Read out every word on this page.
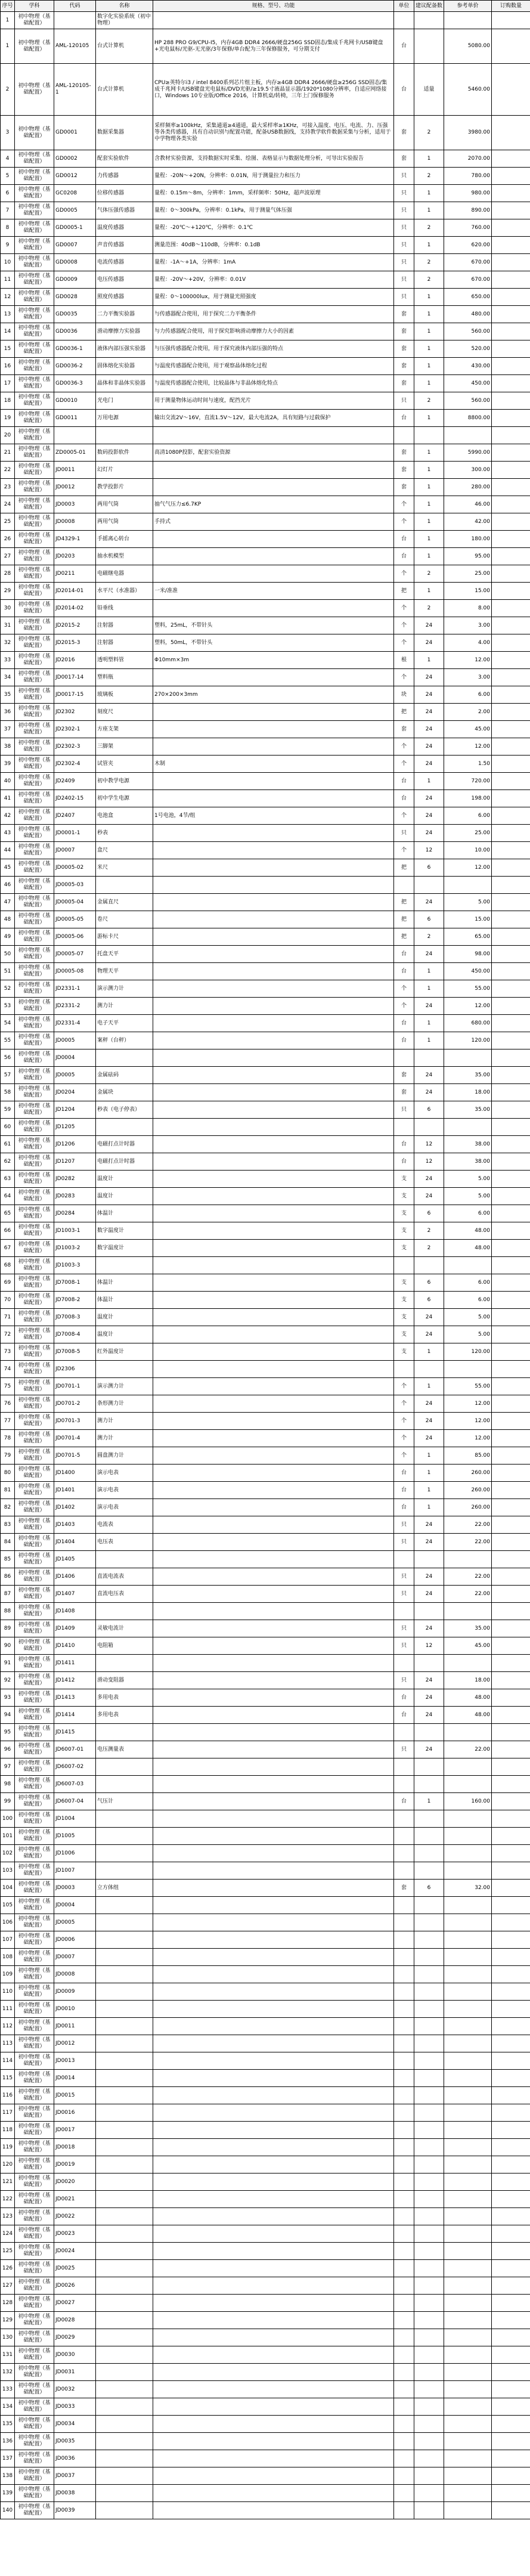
序号	学科	代码	名称	规格、型号、功能	单位	建议配备数	参考单价	订购数量
1	初中物理（基础配置）		数字化实验系统（初中物理）					
1	初中物理（基础配置）	AML-120105	台式计算机	HP 288 PRO G9/CPU-I5，内存4GB DDR4 2666/硬盘256G SSD固态/集成千兆网卡/USB键盘+光电鼠标/光驱-无光驱/3年保修/单台配为三年保修服务，可分期支付	台		5080.00	
2	初中物理（基础配置）	AML-120105-1	台式计算机	CPU≥英特尔i3 / intel 8400系列芯片组主板，内存≥4GB DDR4 2666/硬盘≥256G SSD固态/集成千兆网卡/USB键盘光电鼠标/DVD光驱/≥19.5寸液晶显示器/1920*1080分辨率，自适应网络接口，Windows 10专业版/Office 2016，计算机桌/转椅，三年上门保修服务	台	适量	5460.00	
3	初中物理（基础配置）	GD0001	数据采集器	采样频率≥100kHz，采集通道≥4通道，最大采样率≥1KHz，可接入温度、电压、电流、力、压强等各类传感器，具有自动识别与配置功能，配备USB数据线，支持教学软件数据采集与分析，适用于中学物理各类实验	套	2	3980.00	
4	初中物理（基础配置）	GD0002	配套实验软件	含教材实验资源，支持数据实时采集、绘图、表格显示与数据处理分析，可导出实验报告	套	1	2070.00	
5	初中物理（基础配置）	GD0012	力传感器	量程：-20N～+20N，分辨率：0.01N，用于测量拉力和压力	只	2	780.00	
6	初中物理（基础配置）	GC0208	位移传感器	量程：0.15m～8m，分辨率：1mm，采样频率：50Hz，超声波原理	只	1	980.00	
7	初中物理（基础配置）	GD0005	气体压强传感器	量程：0～300kPa，分辨率：0.1kPa，用于测量气体压强	只	1	890.00	
8	初中物理（基础配置）	GD0005-1	温度传感器	量程：-20℃～+120℃，分辨率：0.1℃	只	2	760.00	
9	初中物理（基础配置）	GD0007	声音传感器	测量范围：40dB～110dB，分辨率：0.1dB	只	1	620.00	
10	初中物理（基础配置）	GD0008	电流传感器	量程：-1A～+1A，分辨率：1mA	只	2	670.00	
11	初中物理（基础配置）	GD0009	电压传感器	量程：-20V～+20V，分辨率：0.01V	只	2	670.00	
12	初中物理（基础配置）	GD0028	照度传感器	量程：0～100000lux，用于测量光照强度	只	1	650.00	
13	初中物理（基础配置）	GD0035	二力平衡实验器	与传感器配合使用，用于探究二力平衡条件	套	1	480.00	
14	初中物理（基础配置）	GD0036	滑动摩擦力实验器	与力传感器配合使用，用于探究影响滑动摩擦力大小的因素	套	1	560.00	
15	初中物理（基础配置）	GD0036-1	液体内部压强实验器	与压强传感器配合使用，用于探究液体内部压强的特点	套	1	520.00	
16	初中物理（基础配置）	GD0036-2	固体熔化实验器	与温度传感器配合使用，用于观察晶体熔化过程	套	1	430.00	
17	初中物理（基础配置）	GD0036-3	晶体和非晶体实验器	与温度传感器配合使用，比较晶体与非晶体熔化特点	套	1	450.00	
18	初中物理（基础配置）	GD0010	光电门	用于测量物体运动时间与速度，配挡光片	只	2	560.00	
19	初中物理（基础配置）	GD0011	万用电源	输出交流2V～16V，直流1.5V～12V，最大电流2A，具有短路与过载保护	台	1	8800.00	
20	初中物理（基础配置）							
21	初中物理（基础配置）	ZD0005-01	数码投影软件	高清1080P投影，配套实验资源	套	1	5990.00	
22	初中物理（基础配置）	JD0011	幻灯片		套	1	300.00	
23	初中物理（基础配置）	JD0012	教学投影片		套	1	280.00	
24	初中物理（基础配置）	JD0003	两用气筒	抽气气压力≤6.7KP	个	1	46.00	
25	初中物理（基础配置）	JD0008	两用气筒	手持式	个	1	42.00	
26	初中物理（基础配置）	JD4329-1	手摇离心转台		台	1	180.00	
27	初中物理（基础配置）	JD0203	抽水机模型		台	1	95.00	
28	初中物理（基础配置）	JD0211	电磁继电器		个	2	25.00	
29	初中物理（基础配置）	JD2014-01	水平尺（水准器）	一米/准准	把	1	15.00	
30	初中物理（基础配置）	JD2014-02	铅垂线		个	2	8.00	
31	初中物理（基础配置）	JD2015-2	注射器	塑料，25mL，不带针头	个	24	3.00	
32	初中物理（基础配置）	JD2015-3	注射器	塑料，50mL，不带针头	个	24	4.00	
33	初中物理（基础配置）	JD2016	透明塑料管	Φ10mm×3m	根	1	12.00	
34	初中物理（基础配置）	JD0017-14	塑料瓶		个	24	3.00	
35	初中物理（基础配置）	JD0017-15	玻璃板	270×200×3mm	块	24	6.00	
36	初中物理（基础配置）	JD2302	刻度尺		把	24	2.00	
37	初中物理（基础配置）	JD2302-1	方座支架		套	24	45.00	
38	初中物理（基础配置）	JD2302-3	三脚架		个	24	12.00	
39	初中物理（基础配置）	JD2302-4	试管夹	木制	个	24	1.50	
40	初中物理（基础配置）	JD2409	初中教学电源		台	1	720.00	
41	初中物理（基础配置）	JD2402-15	初中学生电源		台	24	198.00	
42	初中物理（基础配置）	JD2407	电池盒	1号电池，4节/组	个	24	6.00	
43	初中物理（基础配置）	JD0001-1	秒表		只	24	25.00	
44	初中物理（基础配置）	JD0007	盒尺		个	12	10.00	
45	初中物理（基础配置）	JD0005-02	米尺		把	6	12.00	
46	初中物理（基础配置）	JD0005-03						
47	初中物理（基础配置）	JD0005-04	金属直尺		把	24	5.00	
48	初中物理（基础配置）	JD0005-05	卷尺		把	6	15.00	
49	初中物理（基础配置）	JD0005-06	游标卡尺		把	2	65.00	
50	初中物理（基础配置）	JD0005-07	托盘天平		台	24	98.00	
51	初中物理（基础配置）	JD0005-08	物理天平		台	1	450.00	
52	初中物理（基础配置）	JD2331-1	演示测力计		个	1	55.00	
53	初中物理（基础配置）	JD2331-2	测力计		个	24	12.00	
54	初中物理（基础配置）	JD2331-4	电子天平		台	1	680.00	
55	初中物理（基础配置）	JD0005	案秤（台秤）		台	1	120.00	
56	初中物理（基础配置）	JD0004						
57	初中物理（基础配置）	JD0005	金属砝码		套	24	35.00	
58	初中物理（基础配置）	JD0204	金属块		套	24	18.00	
59	初中物理（基础配置）	JD1204	秒表（电子停表）		只	6	35.00	
60	初中物理（基础配置）	JD1205						
61	初中物理（基础配置）	JD1206	电磁打点计时器		台	12	38.00	
62	初中物理（基础配置）	JD1207	电磁打点计时器		台	12	38.00	
63	初中物理（基础配置）	JD0282	温度计		支	24	5.00	
64	初中物理（基础配置）	JD0283	温度计		支	24	5.00	
65	初中物理（基础配置）	JD0284	体温计		支	6	6.00	
66	初中物理（基础配置）	JD1003-1	数字温度计		支	2	48.00	
67	初中物理（基础配置）	JD1003-2	数字温度计		支	2	48.00	
68	初中物理（基础配置）	JD1003-3						
69	初中物理（基础配置）	JD7008-1	体温计		支	6	6.00	
70	初中物理（基础配置）	JD7008-2	体温计		支	6	6.00	
71	初中物理（基础配置）	JD7008-3	温度计		支	24	5.00	
72	初中物理（基础配置）	JD7008-4	温度计		支	24	5.00	
73	初中物理（基础配置）	JD7008-5	红外温度计		支	1	120.00	
74	初中物理（基础配置）	JD2306						
75	初中物理（基础配置）	JD0701-1	演示测力计		个	1	55.00	
76	初中物理（基础配置）	JD0701-2	条形测力计		个	24	12.00	
77	初中物理（基础配置）	JD0701-3	测力计		个	24	12.00	
78	初中物理（基础配置）	JD0701-4	测力计		个	24	12.00	
79	初中物理（基础配置）	JD0701-5	圆盘测力计		个	1	85.00	
80	初中物理（基础配置）	JD1400	演示电表		台	1	260.00	
81	初中物理（基础配置）	JD1401	演示电表		台	1	260.00	
82	初中物理（基础配置）	JD1402	演示电表		台	1	260.00	
83	初中物理（基础配置）	JD1403	电流表		只	24	22.00	
84	初中物理（基础配置）	JD1404	电压表		只	24	22.00	
85	初中物理（基础配置）	JD1405						
86	初中物理（基础配置）	JD1406	直流电流表		只	24	22.00	
87	初中物理（基础配置）	JD1407	直流电压表		只	24	22.00	
88	初中物理（基础配置）	JD1408						
89	初中物理（基础配置）	JD1409	灵敏电流计		只	24	35.00	
90	初中物理（基础配置）	JD1410	电阻箱		只	12	45.00	
91	初中物理（基础配置）	JD1411						
92	初中物理（基础配置）	JD1412	滑动变阻器		只	24	18.00	
93	初中物理（基础配置）	JD1413	多用电表		台	24	48.00	
94	初中物理（基础配置）	JD1414	多用电表		台	24	48.00	
95	初中物理（基础配置）	JD1415						
96	初中物理（基础配置）	JD6007-01	电压测量表		只	24	22.00	
97	初中物理（基础配置）	JD6007-02						
98	初中物理（基础配置）	JD6007-03						
99	初中物理（基础配置）	JD6007-04	气压计		台	1	160.00	
100	初中物理（基础配置）	JD1004						
101	初中物理（基础配置）	JD1005						
102	初中物理（基础配置）	JD1006						
103	初中物理（基础配置）	JD1007						
104	初中物理（基础配置）	JD0003	立方体组		套	6	32.00	
105	初中物理（基础配置）	JD0004						
106	初中物理（基础配置）	JD0005						
107	初中物理（基础配置）	JD0006						
108	初中物理（基础配置）	JD0007						
109	初中物理（基础配置）	JD0008						
110	初中物理（基础配置）	JD0009						
111	初中物理（基础配置）	JD0010						
112	初中物理（基础配置）	JD0011						
113	初中物理（基础配置）	JD0012						
114	初中物理（基础配置）	JD0013						
115	初中物理（基础配置）	JD0014						
116	初中物理（基础配置）	JD0015						
117	初中物理（基础配置）	JD0016						
118	初中物理（基础配置）	JD0017						
119	初中物理（基础配置）	JD0018						
120	初中物理（基础配置）	JD0019						
121	初中物理（基础配置）	JD0020						
122	初中物理（基础配置）	JD0021						
123	初中物理（基础配置）	JD0022						
124	初中物理（基础配置）	JD0023						
125	初中物理（基础配置）	JD0024						
126	初中物理（基础配置）	JD0025						
127	初中物理（基础配置）	JD0026						
128	初中物理（基础配置）	JD0027						
129	初中物理（基础配置）	JD0028						
130	初中物理（基础配置）	JD0029						
131	初中物理（基础配置）	JD0030						
132	初中物理（基础配置）	JD0031						
133	初中物理（基础配置）	JD0032						
134	初中物理（基础配置）	JD0033						
135	初中物理（基础配置）	JD0034						
136	初中物理（基础配置）	JD0035						
137	初中物理（基础配置）	JD0036						
138	初中物理（基础配置）	JD0037						
139	初中物理（基础配置）	JD0038						
140	初中物理（基础配置）	JD0039						
